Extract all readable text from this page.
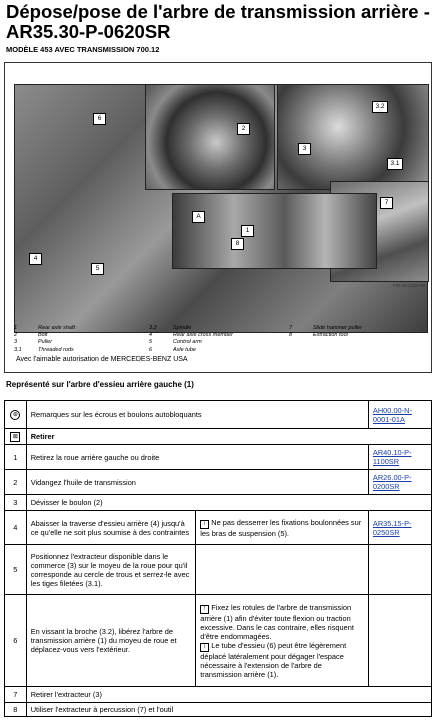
Dépose/pose de l'arbre de transmission arrière - AR35.30-P-0620SR
MODÈLE 453 AVEC TRANSMISSION 700.12
6
2
3
3.2
3.1
7
A
1
4
5
8
P35.30-2166-09
1	Rear axle shaft
2	Bolt
3	Puller
3.1	Threaded rods
3.2	Spindle
4	Rear axle cross member
5	Control arm
6	Axle tube
7	Slide hammer puller
8	Extraction tool
Avec l'aimable autorisation de MERCEDES-BENZ USA
Représenté sur l'arbre d'essieu arrière gauche (1)
⊛	Remarques sur les écrous et boulons autobloquants		AH00.00-N-0001-01A
⊠	Retirer		
1	Retirez la roue arrière gauche ou droite		AR40.10-P-1100SR
2	Vidangez l'huile de transmission		AR26.00-P-0200SR
3	Dévisser le boulon (2)		
4	Abaisser la traverse d'essieu arrière (4) jusqu'à ce qu'elle ne soit plus soumise à des contraintes	i Ne pas desserrer les fixations boulonnées sur les bras de suspension (5).	AR35.15-P-0250SR
5	Positionnez l'extracteur disponible dans le commerce (3) sur le moyeu de la roue pour qu'il corresponde au cercle de trous et serrez-le avec les tiges filetées (3.1).		
6	En vissant la broche (3.2), libérez l'arbre de transmission arrière (1) du moyeu de roue et déplacez-vous vers l'extérieur.	! Fixez les rotules de l'arbre de transmission arrière (1) afin d'éviter toute flexion ou traction excessive. Dans le cas contraire, elles risquent d'être endommagées.
i Le tube d'essieu (6) peut être légèrement déplacé latéralement pour dégager l'espace nécessaire à l'extension de l'arbre de transmission arrière (1).	

7	Retirer l'extracteur (3)		
8	Utiliser l'extracteur à percussion (7) et l'outil		
